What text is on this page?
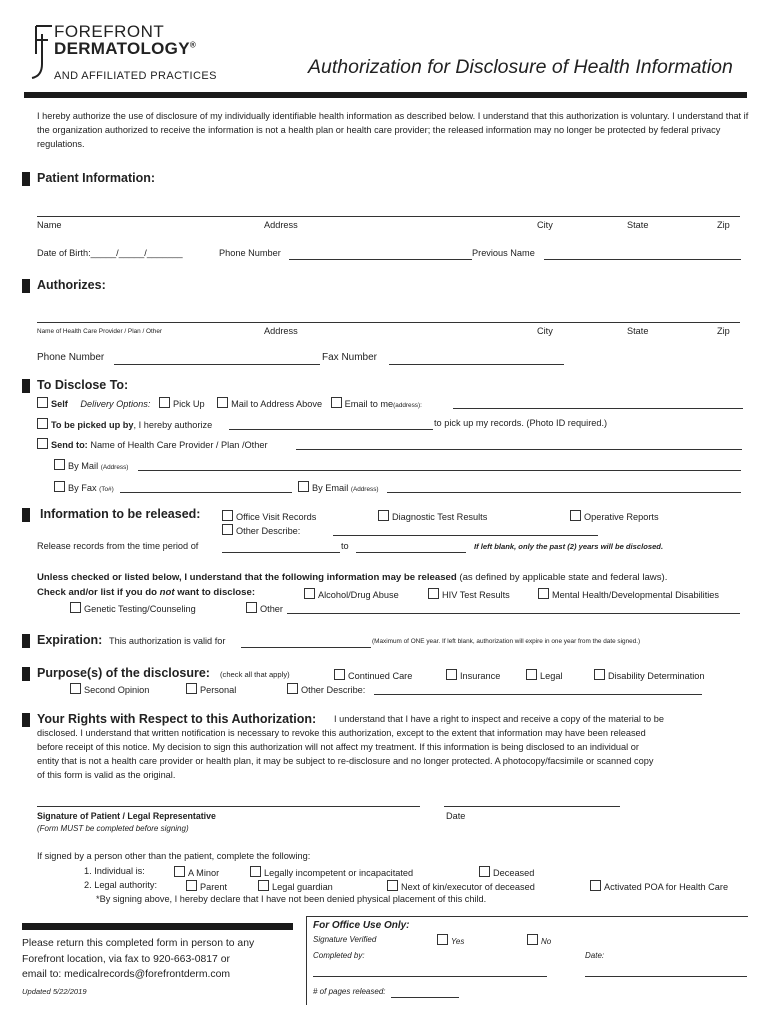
FOREFRONT
DERMATOLOGY®
AND AFFILIATED PRACTICES	Authorization for Disclosure of Health Information
I hereby authorize the use of disclosure of my individually identifiable health information as described below. I understand that this authorization is voluntary. I understand that if the organization authorized to receive the information is not a health plan or health care provider; the released information may no longer be protected by federal privacy regulations.
Patient Information:
Name	Address	City	State	Zip
Date of Birth:_____/_____/_______	Phone Number	Previous Name
Authorizes:
Name of Health Care Provider / Plan / Other	Address	City	State	Zip
Phone Number	Fax Number
To Disclose To:
Self Delivery Options: Pick Up	Mail to Address Above Email to me(address):
To be picked up by, I hereby authorize	to pick up my records. (Photo ID required.)
Send to: Name of Health Care Provider / Plan /Other
By Mail (Address)
By Fax (To#)	By Email (Address)
Information to be released:	Office Visit Records	Diagnostic Test Results	Operative Reports
Other Describe:
Release records from the time period of	to	If left blank, only the past (2) years will be disclosed.
Unless checked or listed below, I understand that the following information may be released (as defined by applicable state and federal laws).
Check and/or list if you do not want to disclose:	Alcohol/Drug Abuse	HIV Test Results	Mental Health/Developmental Disabilities
Genetic Testing/Counseling	Other
Expiration: This authorization is valid for	(Maximum of ONE year. If left blank, authorization will expire in one year from the date signed.)
Purpose(s) of the disclosure: (check all that apply)	Continued Care	Insurance	Legal	Disability Determination
Second Opinion	Personal	Other Describe:
Your Rights with Respect to this Authorization: I understand that I have a right to inspect and receive a copy of the material to be
disclosed. I understand that written notification is necessary to revoke this authorization, except to the extent that information may have been released
before receipt of this notice. My decision to sign this authorization will not affect my treatment. If this information is being disclosed to an individual or
entity that is not a health care provider or health plan, it may be subject to re-disclosure and no longer protected. A photocopy/facsimile or scanned copy
of this form is valid as the original.
Signature of Patient / Legal Representative
(Form MUST be completed before signing)
Date
If signed by a person other than the patient, complete the following:
1. Individual is:	A Minor	Legally incompetent or incapacitated	Deceased
2. Legal authority:	Parent	Legal guardian	Next of kin/executor of deceased	Activated POA for Health Care
*By signing above, I hereby declare that I have not been denied physical placement of this child.
Please return this completed form in person to any
Forefront location, via fax to 920-663-0817 or
email to: medicalrecords@forefrontderm.com
Updated 5/22/2019
For Office Use Only:
Signature Verified	Yes	No
Completed by:	Date:
# of pages released:
